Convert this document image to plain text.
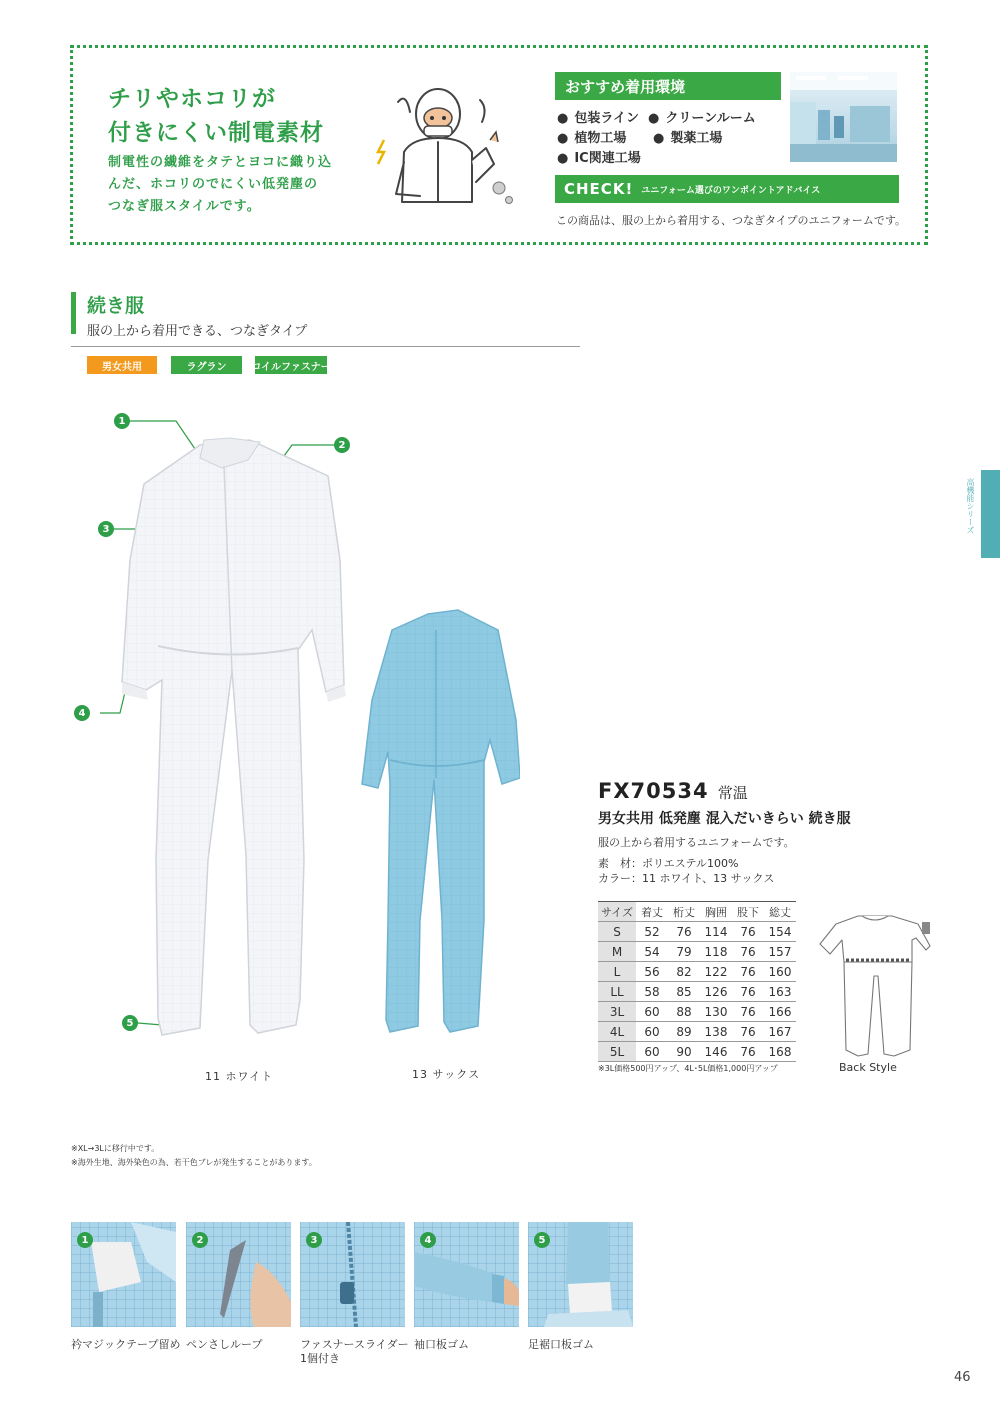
チリやホコリが
付きにくい制電素材
制電性の繊維をタテとヨコに織り込
んだ、ホコリのでにくい低発塵の
つなぎ服スタイルです。
おすすめ着用環境
● 包装ライン	● クリーンルーム
● 植物工場	● 製薬工場
● IC関連工場
CHECK! ユニフォーム選びのワンポイントアドバイス
この商品は、服の上から着用する、つなぎタイプのユニフォームです。
続き服
服の上から着用できる、つなぎタイプ
男女共用	ラグラン	コイルファスナー
1
2
3
4
5
11 ホワイト	13 サックス
FX70534 常温
男女共用 低発塵 混入だいきらい 続き服
服の上から着用するユニフォームです。
素　材：ポリエステル100%
カラー：11 ホワイト、13 サックス
サイズ	着丈	桁丈	胸囲	股下	総丈
S	52	76	114	76	154
M	54	79	118	76	157
L	56	82	122	76	160
LL	58	85	126	76	163
3L	60	88	130	76	166
4L	60	89	138	76	167
5L	60	90	146	76	168
※3L価格500円アップ、4L･5L価格1,000円アップ	Back Style
高機能シリーズ
※XL→3Lに移行中です。
※海外生地、海外染色の為、若干色ブレが発生することがあります。
1	2	3	4	5
衿マジックテープ留め ペンさしループ	ファスナースライダー
1個付き
袖口板ゴム	足裾口板ゴム
46
